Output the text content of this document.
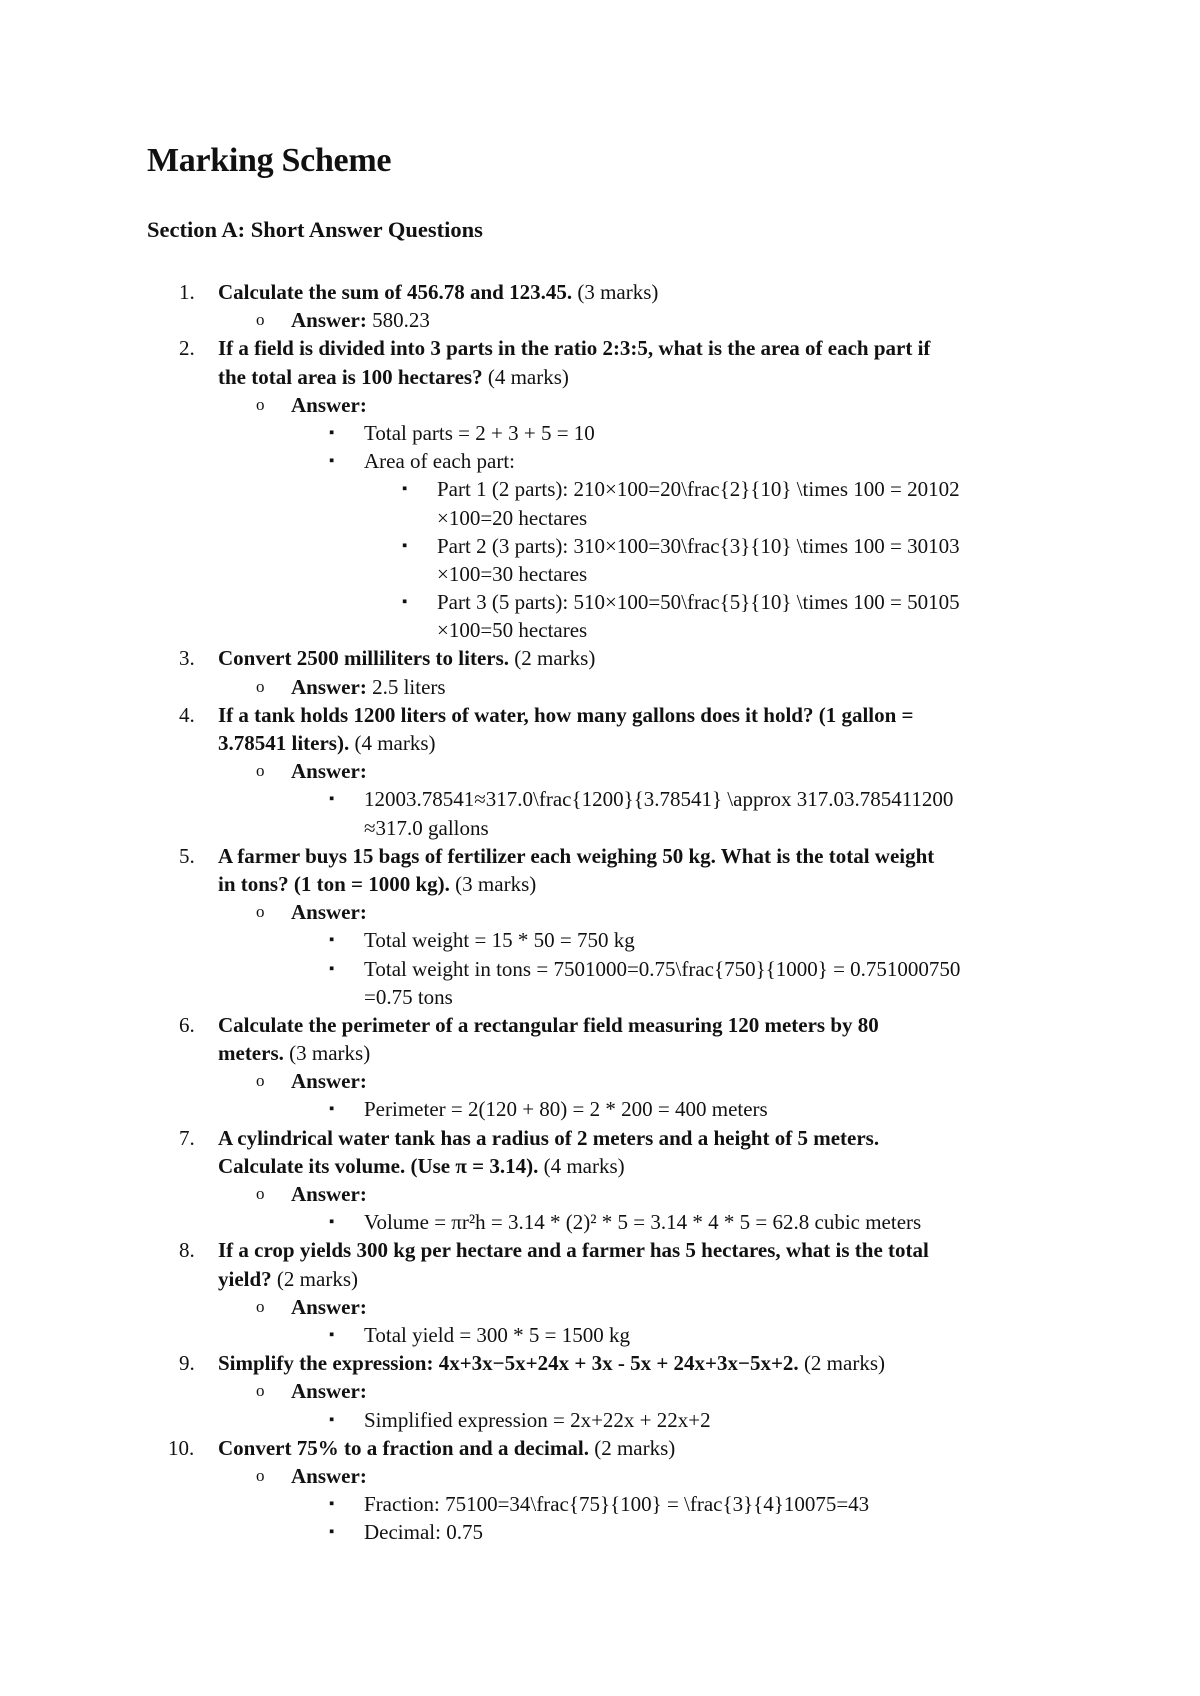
Marking Scheme
Section A: Short Answer Questions
1. Calculate the sum of 456.78 and 123.45. (3 marks)
o Answer: 580.23
2. If a field is divided into 3 parts in the ratio 2:3:5, what is the area of each part if
the total area is 100 hectares? (4 marks)
o Answer:
▪ Total parts = 2 + 3 + 5 = 10
▪ Area of each part:
▪ Part 1 (2 parts): 210×100=20\frac{2}{10} \times 100 = 20102
×100=20 hectares
▪ Part 2 (3 parts): 310×100=30\frac{3}{10} \times 100 = 30103
×100=30 hectares
▪ Part 3 (5 parts): 510×100=50\frac{5}{10} \times 100 = 50105
×100=50 hectares
3. Convert 2500 milliliters to liters. (2 marks)
o Answer: 2.5 liters
4. If a tank holds 1200 liters of water, how many gallons does it hold? (1 gallon =
3.78541 liters). (4 marks)
o Answer:
▪ 12003.78541≈317.0\frac{1200}{3.78541} \approx 317.03.785411200
≈317.0 gallons
5. A farmer buys 15 bags of fertilizer each weighing 50 kg. What is the total weight
in tons? (1 ton = 1000 kg). (3 marks)
o Answer:
▪ Total weight = 15 * 50 = 750 kg
▪ Total weight in tons = 7501000=0.75\frac{750}{1000} = 0.751000750
=0.75 tons
6. Calculate the perimeter of a rectangular field measuring 120 meters by 80
meters. (3 marks)
o Answer:
▪ Perimeter = 2(120 + 80) = 2 * 200 = 400 meters
7. A cylindrical water tank has a radius of 2 meters and a height of 5 meters.
Calculate its volume. (Use π = 3.14). (4 marks)
o Answer:
▪ Volume = πr²h = 3.14 * (2)² * 5 = 3.14 * 4 * 5 = 62.8 cubic meters
8. If a crop yields 300 kg per hectare and a farmer has 5 hectares, what is the total
yield? (2 marks)
o Answer:
▪ Total yield = 300 * 5 = 1500 kg
9. Simplify the expression: 4x+3x−5x+24x + 3x - 5x + 24x+3x−5x+2. (2 marks)
o Answer:
▪ Simplified expression = 2x+22x + 22x+2
10. Convert 75% to a fraction and a decimal. (2 marks)
o Answer:
▪ Fraction: 75100=34\frac{75}{100} = \frac{3}{4}10075=43
▪ Decimal: 0.75
